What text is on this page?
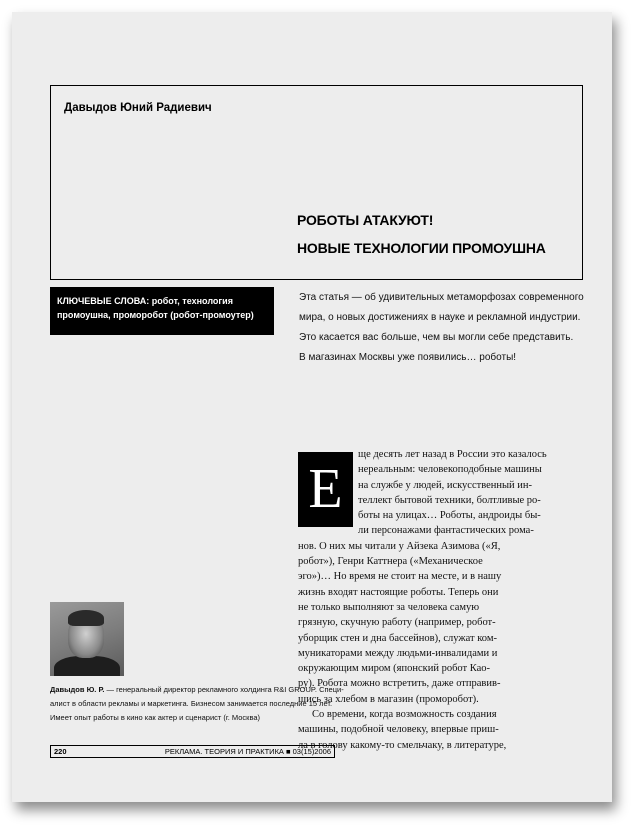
Давыдов Юний Радиевич
РОБОТЫ АТАКУЮТ!
НОВЫЕ ТЕХНОЛОГИИ ПРОМОУШНА
КЛЮЧЕВЫЕ СЛОВА: робот, технология
промоушна, проморобот (робот-промоутер)
Эта статья — об удивительных метаморфозах современного
мира, о новых достижениях в науке и рекламной индустрии.
Это касается вас больше, чем вы могли себе представить.
В магазинах Москвы уже появились… роботы!
Е
ще десять лет назад в России это казалось
нереальным: человекоподобные машины
на службе у людей, искусственный ин-
теллект бытовой техники, болтливые ро-
боты на улицах… Роботы, андроиды бы-
ли персонажами фантастических рома-
нов. О них мы читали у Айзека Азимова («Я,
робот»), Генри Каттнера («Механическое
эго»)… Но время не стоит на месте, и в нашу
жизнь входят настоящие роботы. Теперь они
не только выполняют за человека самую
грязную, скучную работу (например, робот-
уборщик стен и дна бассейнов), служат ком-
муникаторами между людьми-инвалидами и
окружающим миром (японский робот Као-
ру). Робота можно встретить, даже отправив-
шись за хлебом в магазин (проморобот).
Со времени, когда возможность создания
машины, подобной человеку, впервые приш-
ла в голову какому-то смельчаку, в литературе,
Давыдов Ю. Р. — генеральный директор рекламного холдинга R&I GROUP. Специ-
алист в области рекламы и маркетинга. Бизнесом занимается последние 15 лет.
Имеет опыт работы в кино как актер и сценарист (г. Москва)
220	РЕКЛАМА. ТЕОРИЯ И ПРАКТИКА ■ 03(15)2006
